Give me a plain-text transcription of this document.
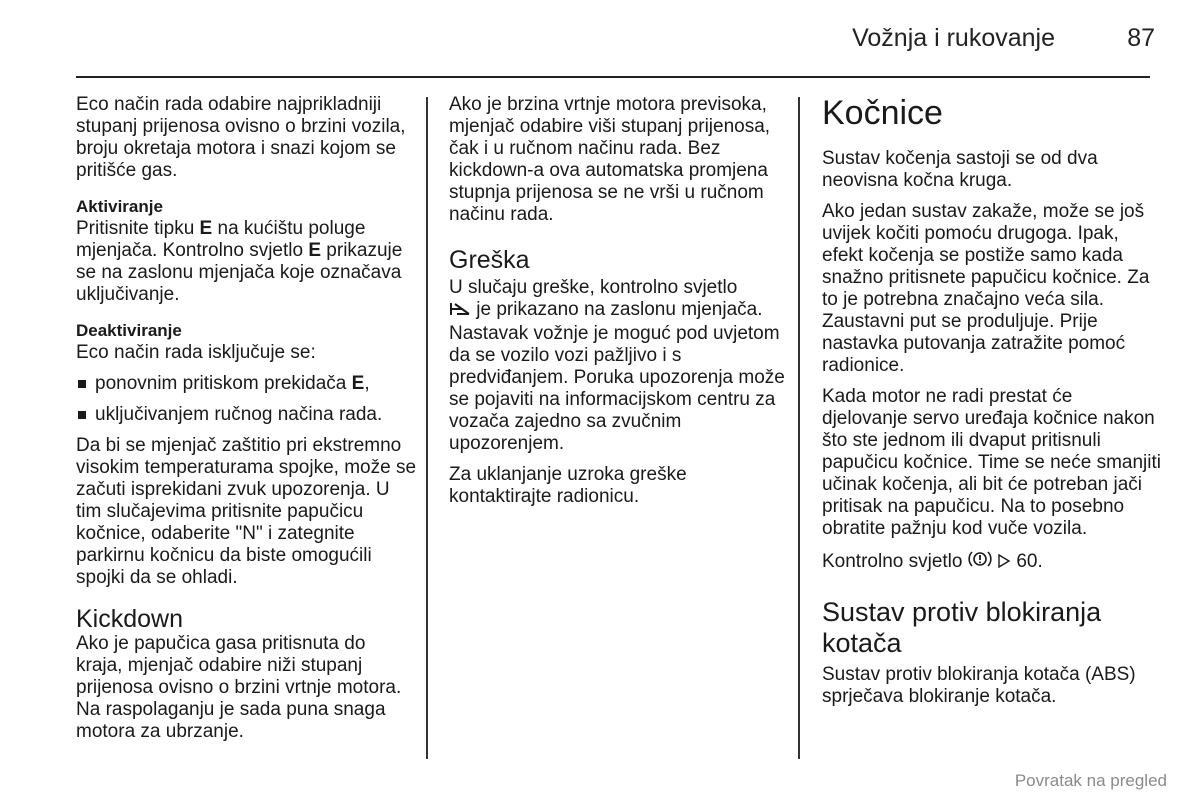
Vožnja i rukovanje	87

Eco način rada odabire najprikladniji stupanj prijenosa ovisno o brzini vozila, broju okretaja motora i snazi kojom se pritišće gas.

Aktiviranje

Pritisnite tipku E na kućištu poluge mjenjača. Kontrolno svjetlo E prikazuje se na zaslonu mjenjača koje označava uključivanje.

Deaktiviranje

Eco način rada isključuje se:

ponovnim pritiskom prekidača E,
uključivanjem ručnog načina rada.

Da bi se mjenjač zaštitio pri ekstremno visokim temperaturama spojke, može se začuti isprekidani zvuk upozorenja. U tim slučajevima pritisnite papučicu kočnice, odaberite "N" i zategnite parkirnu kočnicu da biste omogućili spojki da se ohladi.

Kickdown

Ako je papučica gasa pritisnuta do kraja, mjenjač odabire niži stupanj prijenosa ovisno o brzini vrtnje motora. Na raspolaganju je sada puna snaga motora za ubrzanje.

Ako je brzina vrtnje motora previsoka, mjenjač odabire viši stupanj prijenosa, čak i u ručnom načinu rada. Bez kickdown-a ova automatska promjena stupnja prijenosa se ne vrši u ručnom načinu rada.

Greška

U slučaju greške, kontrolno svjetlo
je prikazano na zaslonu mjenjača. Nastavak vožnje je moguć pod uvjetom da se vozilo vozi pažljivo i s predviđanjem. Poruka upozorenja može se pojaviti na informacijskom centru za vozača zajedno sa zvučnim upozorenjem.

Za uklanjanje uzroka greške kontaktirajte radionicu.

Kočnice

Sustav kočenja sastoji se od dva neovisna kočna kruga.

Ako jedan sustav zakaže, može se još uvijek kočiti pomoću drugoga. Ipak, efekt kočenja se postiže samo kada snažno pritisnete papučicu kočnice. Za to je potrebna značajno veća sila. Zaustavni put se produljuje. Prije nastavka putovanja zatražite pomoć radionice.

Kada motor ne radi prestat će djelovanje servo uređaja kočnice nakon što ste jednom ili dvaput pritisnuli papučicu kočnice. Time se neće smanjiti učinak kočenja, ali bit će potreban jači pritisak na papučicu. Na to posebno obratite pažnju kod vuče vozila.

Kontrolno svjetlo	60.

Sustav protiv blokiranja kotača

Sustav protiv blokiranja kotača (ABS) sprječava blokiranje kotača.

Povratak na pregled
